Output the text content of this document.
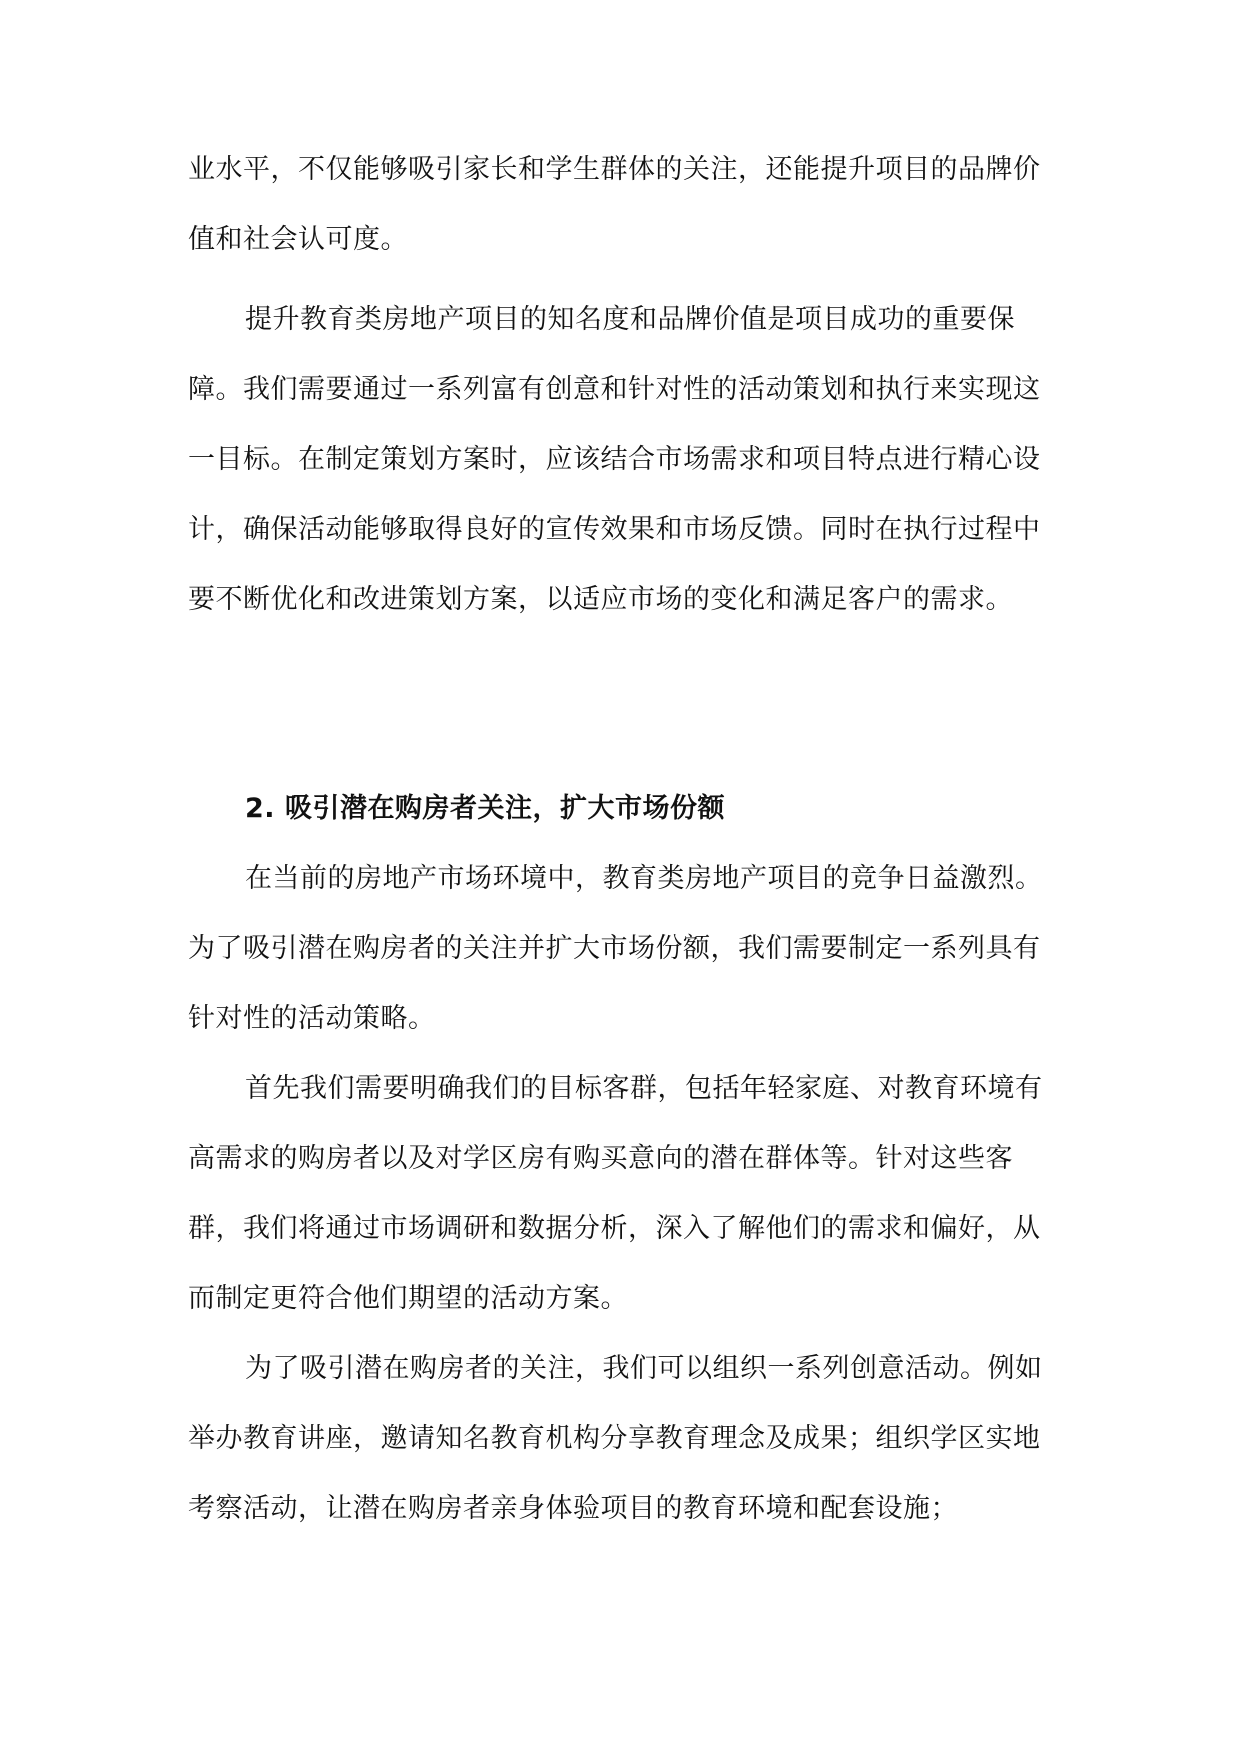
业水平，不仅能够吸引家长和学生群体的关注，还能提升项目的品牌价值和社会认可度。

提升教育类房地产项目的知名度和品牌价值是项目成功的重要保障。我们需要通过一系列富有创意和针对性的活动策划和执行来实现这一目标。在制定策划方案时，应该结合市场需求和项目特点进行精心设计，确保活动能够取得良好的宣传效果和市场反馈。同时在执行过程中要不断优化和改进策划方案，以适应市场的变化和满足客户的需求。

2. 吸引潜在购房者关注，扩大市场份额

在当前的房地产市场环境中，教育类房地产项目的竞争日益激烈。为了吸引潜在购房者的关注并扩大市场份额，我们需要制定一系列具有针对性的活动策略。

首先我们需要明确我们的目标客群，包括年轻家庭、对教育环境有高需求的购房者以及对学区房有购买意向的潜在群体等。针对这些客群，我们将通过市场调研和数据分析，深入了解他们的需求和偏好，从而制定更符合他们期望的活动方案。

为了吸引潜在购房者的关注，我们可以组织一系列创意活动。例如举办教育讲座，邀请知名教育机构分享教育理念及成果；组织学区实地考察活动，让潜在购房者亲身体验项目的教育环境和配套设施；
